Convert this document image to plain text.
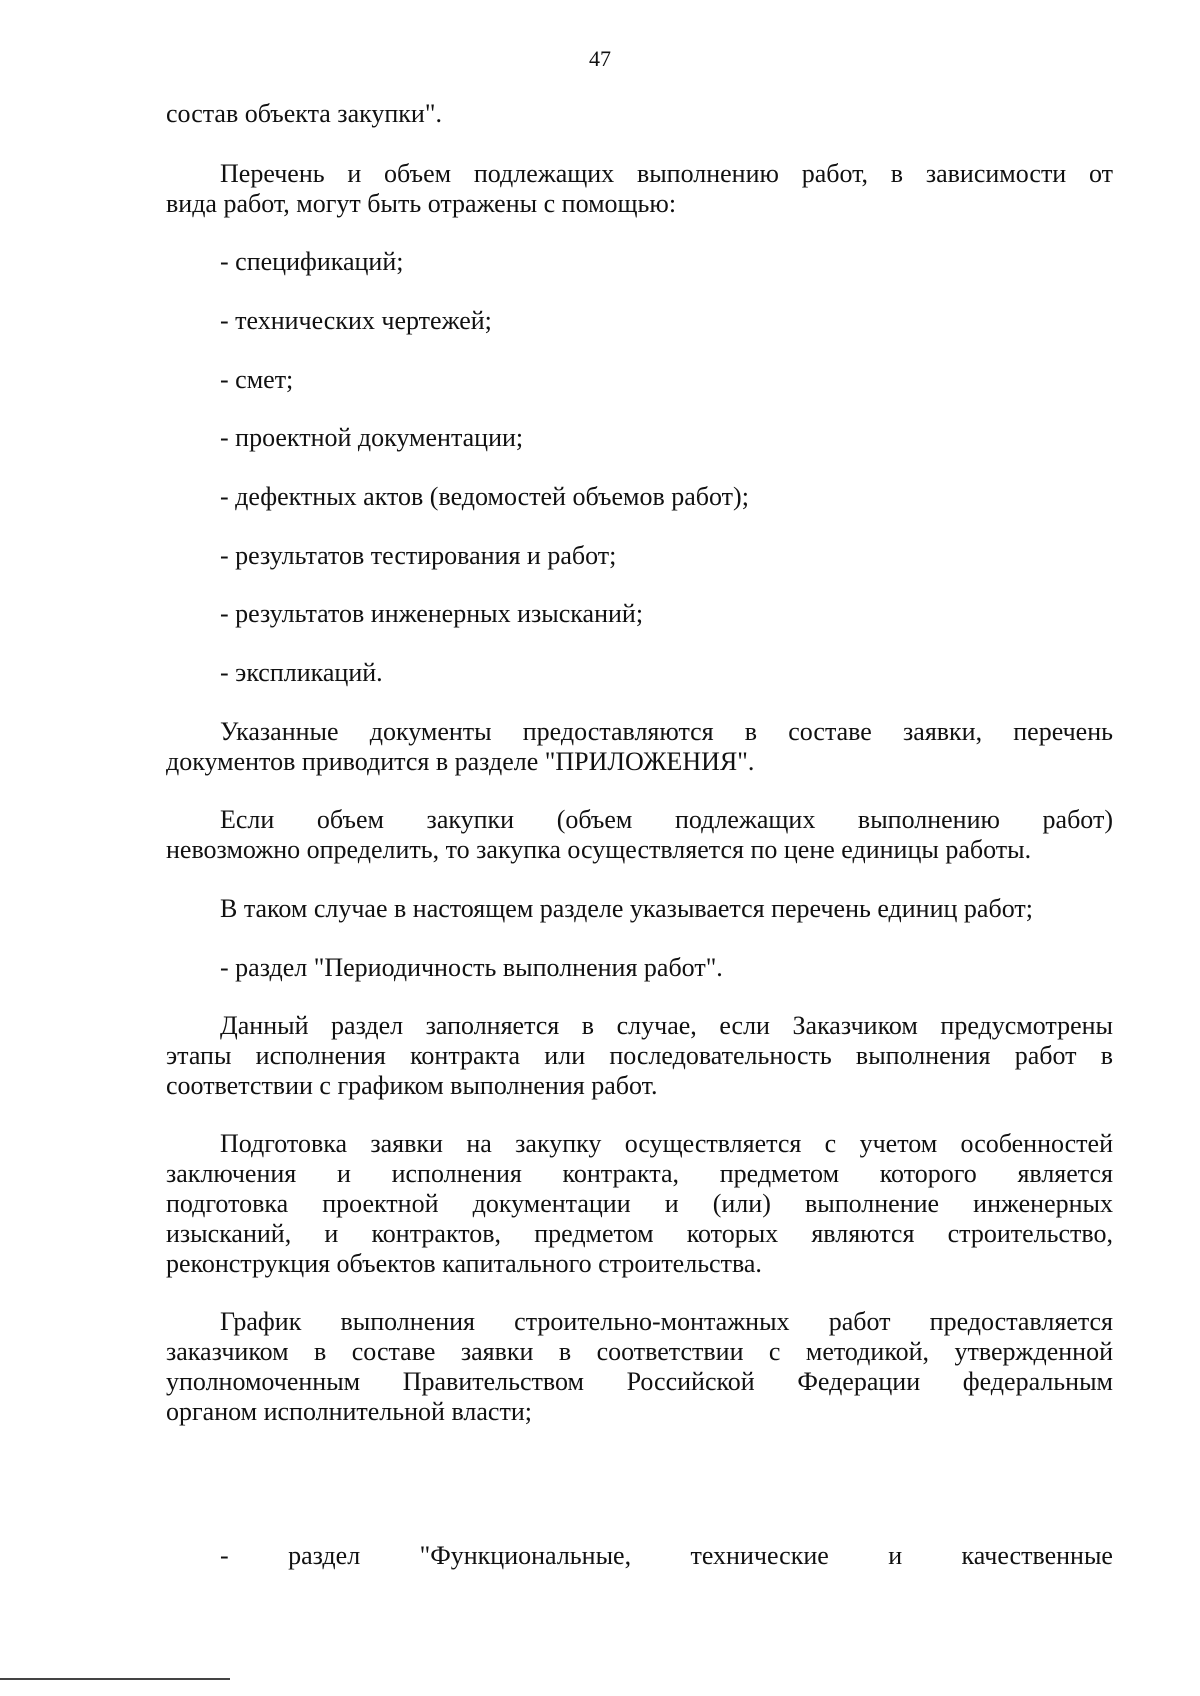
47
состав объекта закупки".
Перечень и объем подлежащих выполнению работ, в зависимости от
вида работ, могут быть отражены с помощью:
- спецификаций;
- технических чертежей;
- смет;
- проектной документации;
- дефектных актов (ведомостей объемов работ);
- результатов тестирования и работ;
- результатов инженерных изысканий;
- экспликаций.
Указанные документы предоставляются в составе заявки, перечень
документов приводится в разделе "ПРИЛОЖЕНИЯ".
Если объем закупки (объем подлежащих выполнению работ)
невозможно определить, то закупка осуществляется по цене единицы работы.
В таком случае в настоящем разделе указывается перечень единиц работ;
- раздел "Периодичность выполнения работ".
Данный раздел заполняется в случае, если Заказчиком предусмотрены
этапы исполнения контракта или последовательность выполнения работ в
соответствии с графиком выполнения работ.
Подготовка заявки на закупку осуществляется с учетом особенностей
заключения и исполнения контракта, предметом которого является
подготовка проектной документации и (или) выполнение инженерных
изысканий, и контрактов, предметом которых являются строительство,
реконструкция объектов капитального строительства.
График выполнения строительно-монтажных работ предоставляется
заказчиком в составе заявки в соответствии с методикой, утвержденной
уполномоченным Правительством Российской Федерации федеральным
органом исполнительной власти;
- раздел "Функциональные, технические и качественные
